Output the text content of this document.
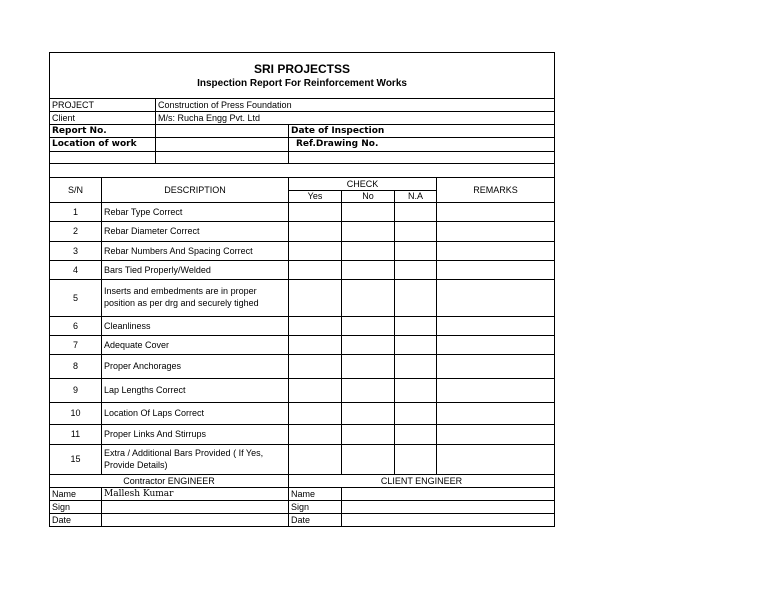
SRI PROJECTSS
Inspection Report For Reinforcement Works						

PROJECT		Construction of Press Foundation				
Client		M/s: Rucha Engg Pvt. Ltd				
Report No.			Date of Inspection			
Location of work			Ref.Drawing No.			

S/N	DESCRIPTION		CHECK			REMARKS
			Yes	No	N.A	
1	Rebar Type Correct					
2	Rebar Diameter Correct					
3	Rebar Numbers And Spacing Correct					
4	Bars Tied Properly/Welded					
5	Inserts and embedments are in proper position as per drg and securely tighed					
6	Cleanliness					
7	Adequate Cover					
8	Proper Anchorages					
9	Lap Lengths Correct					
10	Location Of Laps Correct					
11	Proper Links And Stirrups					
15	Extra / Additional Bars Provided ( If Yes, Provide Details)					
Contractor ENGINEER			CLIENT ENGINEER			
Name	Mallesh Kumar		Name			
Sign			Sign			
Date			Date			
